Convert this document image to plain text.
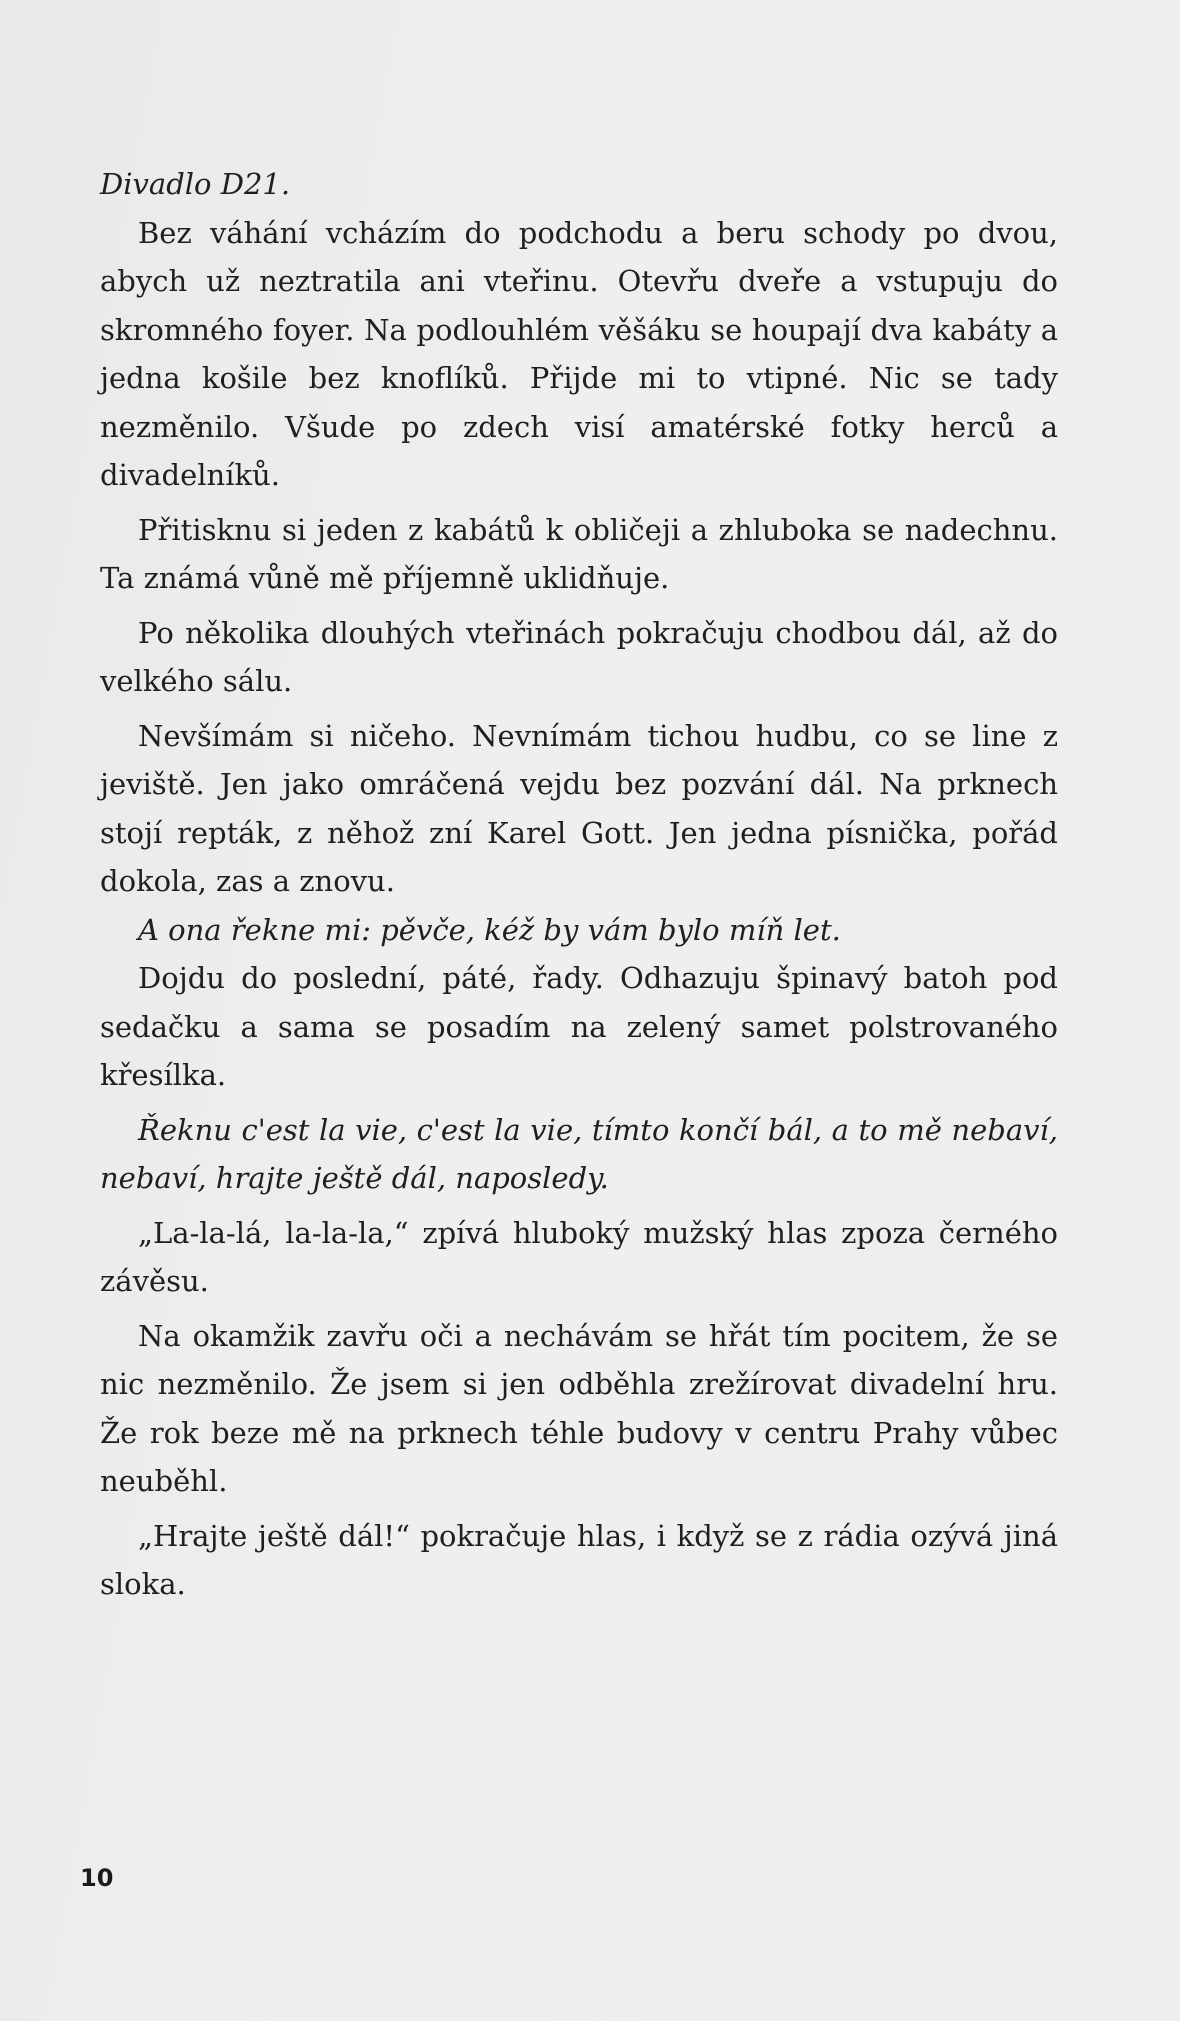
Divadlo D21.

Bez váhání vcházím do podchodu a beru schody po dvou, abych už neztratila ani vteřinu. Otevřu dveře a vstupuju do skromného foyer. Na podlouhlém věšáku se houpají dva kabáty a jedna košile bez knoflíků. Přijde mi to vtipné. Nic se tady nezměnilo. Všude po zdech visí amatérské fotky herců a divadelníků.

Přitisknu si jeden z kabátů k obličeji a zhluboka se nadechnu. Ta známá vůně mě příjemně uklidňuje.

Po několika dlouhých vteřinách pokračuju chodbou dál, až do velkého sálu.

Nevšímám si ničeho. Nevnímám tichou hudbu, co se line z jeviště. Jen jako omráčená vejdu bez pozvání dál. Na prknech stojí repták, z něhož zní Karel Gott. Jen jedna písnička, pořád dokola, zas a znovu.

A ona řekne mi: pěvče, kéž by vám bylo míň let.

Dojdu do poslední, páté, řady. Odhazuju špinavý batoh pod sedačku a sama se posadím na zelený samet polstrovaného křesílka.

Řeknu c'est la vie, c'est la vie, tímto končí bál, a to mě nebaví, nebaví, hrajte ještě dál, naposledy.

„La-la-lá, la-la-la,“ zpívá hluboký mužský hlas zpoza černého závěsu.

Na okamžik zavřu oči a nechávám se hřát tím pocitem, že se nic nezměnilo. Že jsem si jen odběhla zrežírovat divadelní hru. Že rok beze mě na prknech téhle budovy v centru Prahy vůbec neuběhl.

„Hrajte ještě dál!“ pokračuje hlas, i když se z rádia ozývá jiná sloka.

10
